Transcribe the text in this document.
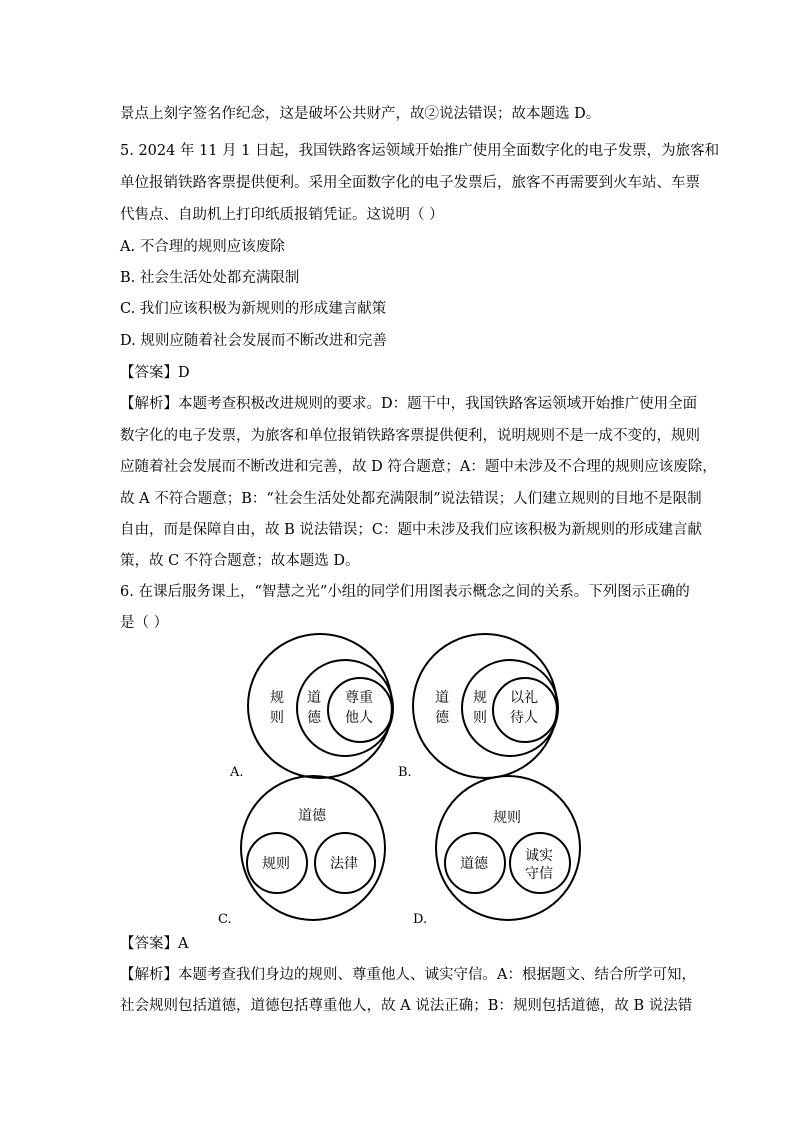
景点上刻字签名作纪念，这是破坏公共财产，故②说法错误；故本题选 D。
5. 2024 年 11 月 1 日起，我国铁路客运领域开始推广使用全面数字化的电子发票，为旅客和
单位报销铁路客票提供便利。采用全面数字化的电子发票后，旅客不再需要到火车站、车票
代售点、自助机上打印纸质报销凭证。这说明（ ）
A. 不合理的规则应该废除
B. 社会生活处处都充满限制
C. 我们应该积极为新规则的形成建言献策
D. 规则应随着社会发展而不断改进和完善
【答案】D
【解析】本题考查积极改进规则的要求。D：题干中，我国铁路客运领域开始推广使用全面
数字化的电子发票，为旅客和单位报销铁路客票提供便利，说明规则不是一成不变的，规则
应随着社会发展而不断改进和完善，故 D 符合题意；A：题中未涉及不合理的规则应该废除，
故 A 不符合题意；B：“社会生活处处都充满限制”说法错误；人们建立规则的目地不是限制
自由，而是保障自由，故 B 说法错误；C：题中未涉及我们应该积极为新规则的形成建言献
策，故 C 不符合题意；故本题选 D。
6. 在课后服务课上，“智慧之光”小组的同学们用图表示概念之间的关系。下列图示正确的
是（ ）
规
则
道
德
尊重
他人
A.
道
德
规
则
以礼
待人
B.
道德
规则	法律
C.
规则
道德	诚实
守信
D.
【答案】A
【解析】本题考查我们身边的规则、尊重他人、诚实守信。A：根据题文、结合所学可知，
社会规则包括道德，道德包括尊重他人，故 A 说法正确；B：规则包括道德，故 B 说法错
